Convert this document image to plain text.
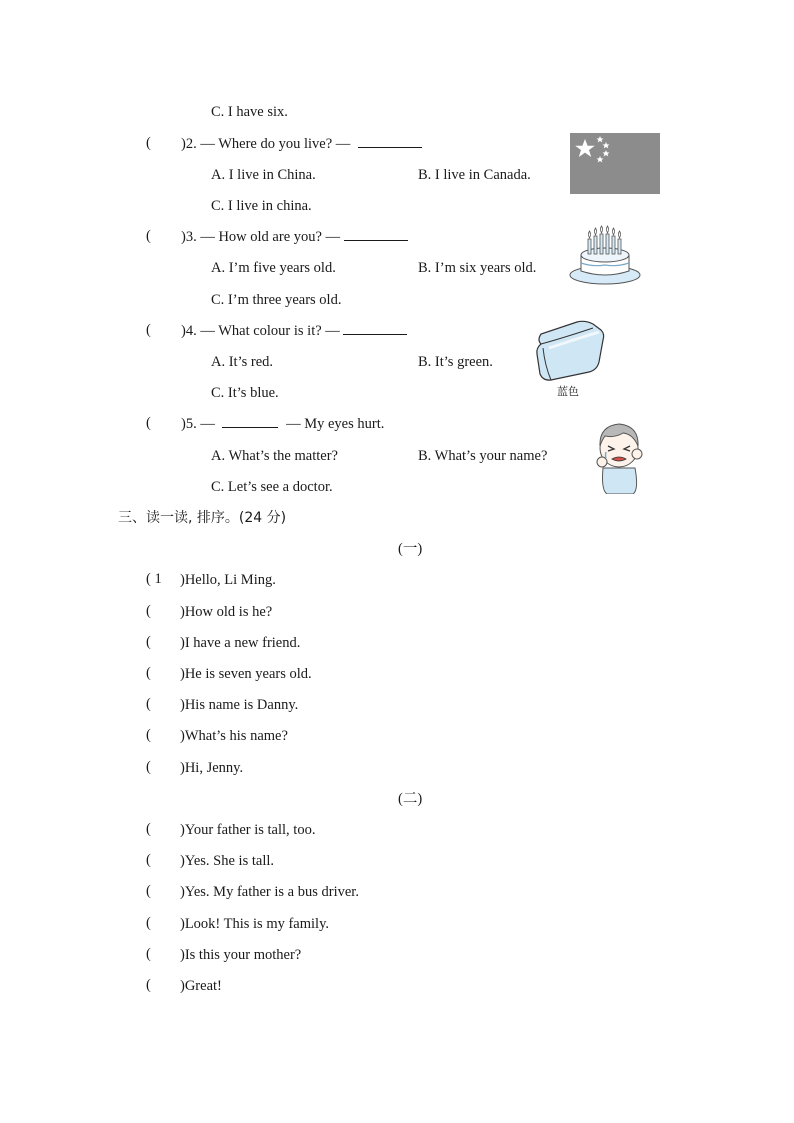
C. I have six.
( )2. — Where do you live? —
A. I live in China.	B. I live in Canada.
C. I live in china.
( )3. — How old are you? —
A. I’m five years old.	B. I’m six years old.
C. I’m three years old.
( )4. — What colour is it? —
A. It’s red.	B. It’s green.
C. It’s blue.	蓝色
( )5. —	— My eyes hurt.
A. What’s the matter?	B. What’s your name?
C. Let’s see a doctor.
三、读一读, 排序。(24 分)
(一)
( 1 )Hello, Li Ming.
( )How old is he?
( )I have a new friend.
( )He is seven years old.
( )His name is Danny.
( )What’s his name?
( )Hi, Jenny.
(二)
( )Your father is tall, too.
( )Yes. She is tall.
( )Yes. My father is a bus driver.
( )Look! This is my family.
( )Is this your mother?
( )Great!
